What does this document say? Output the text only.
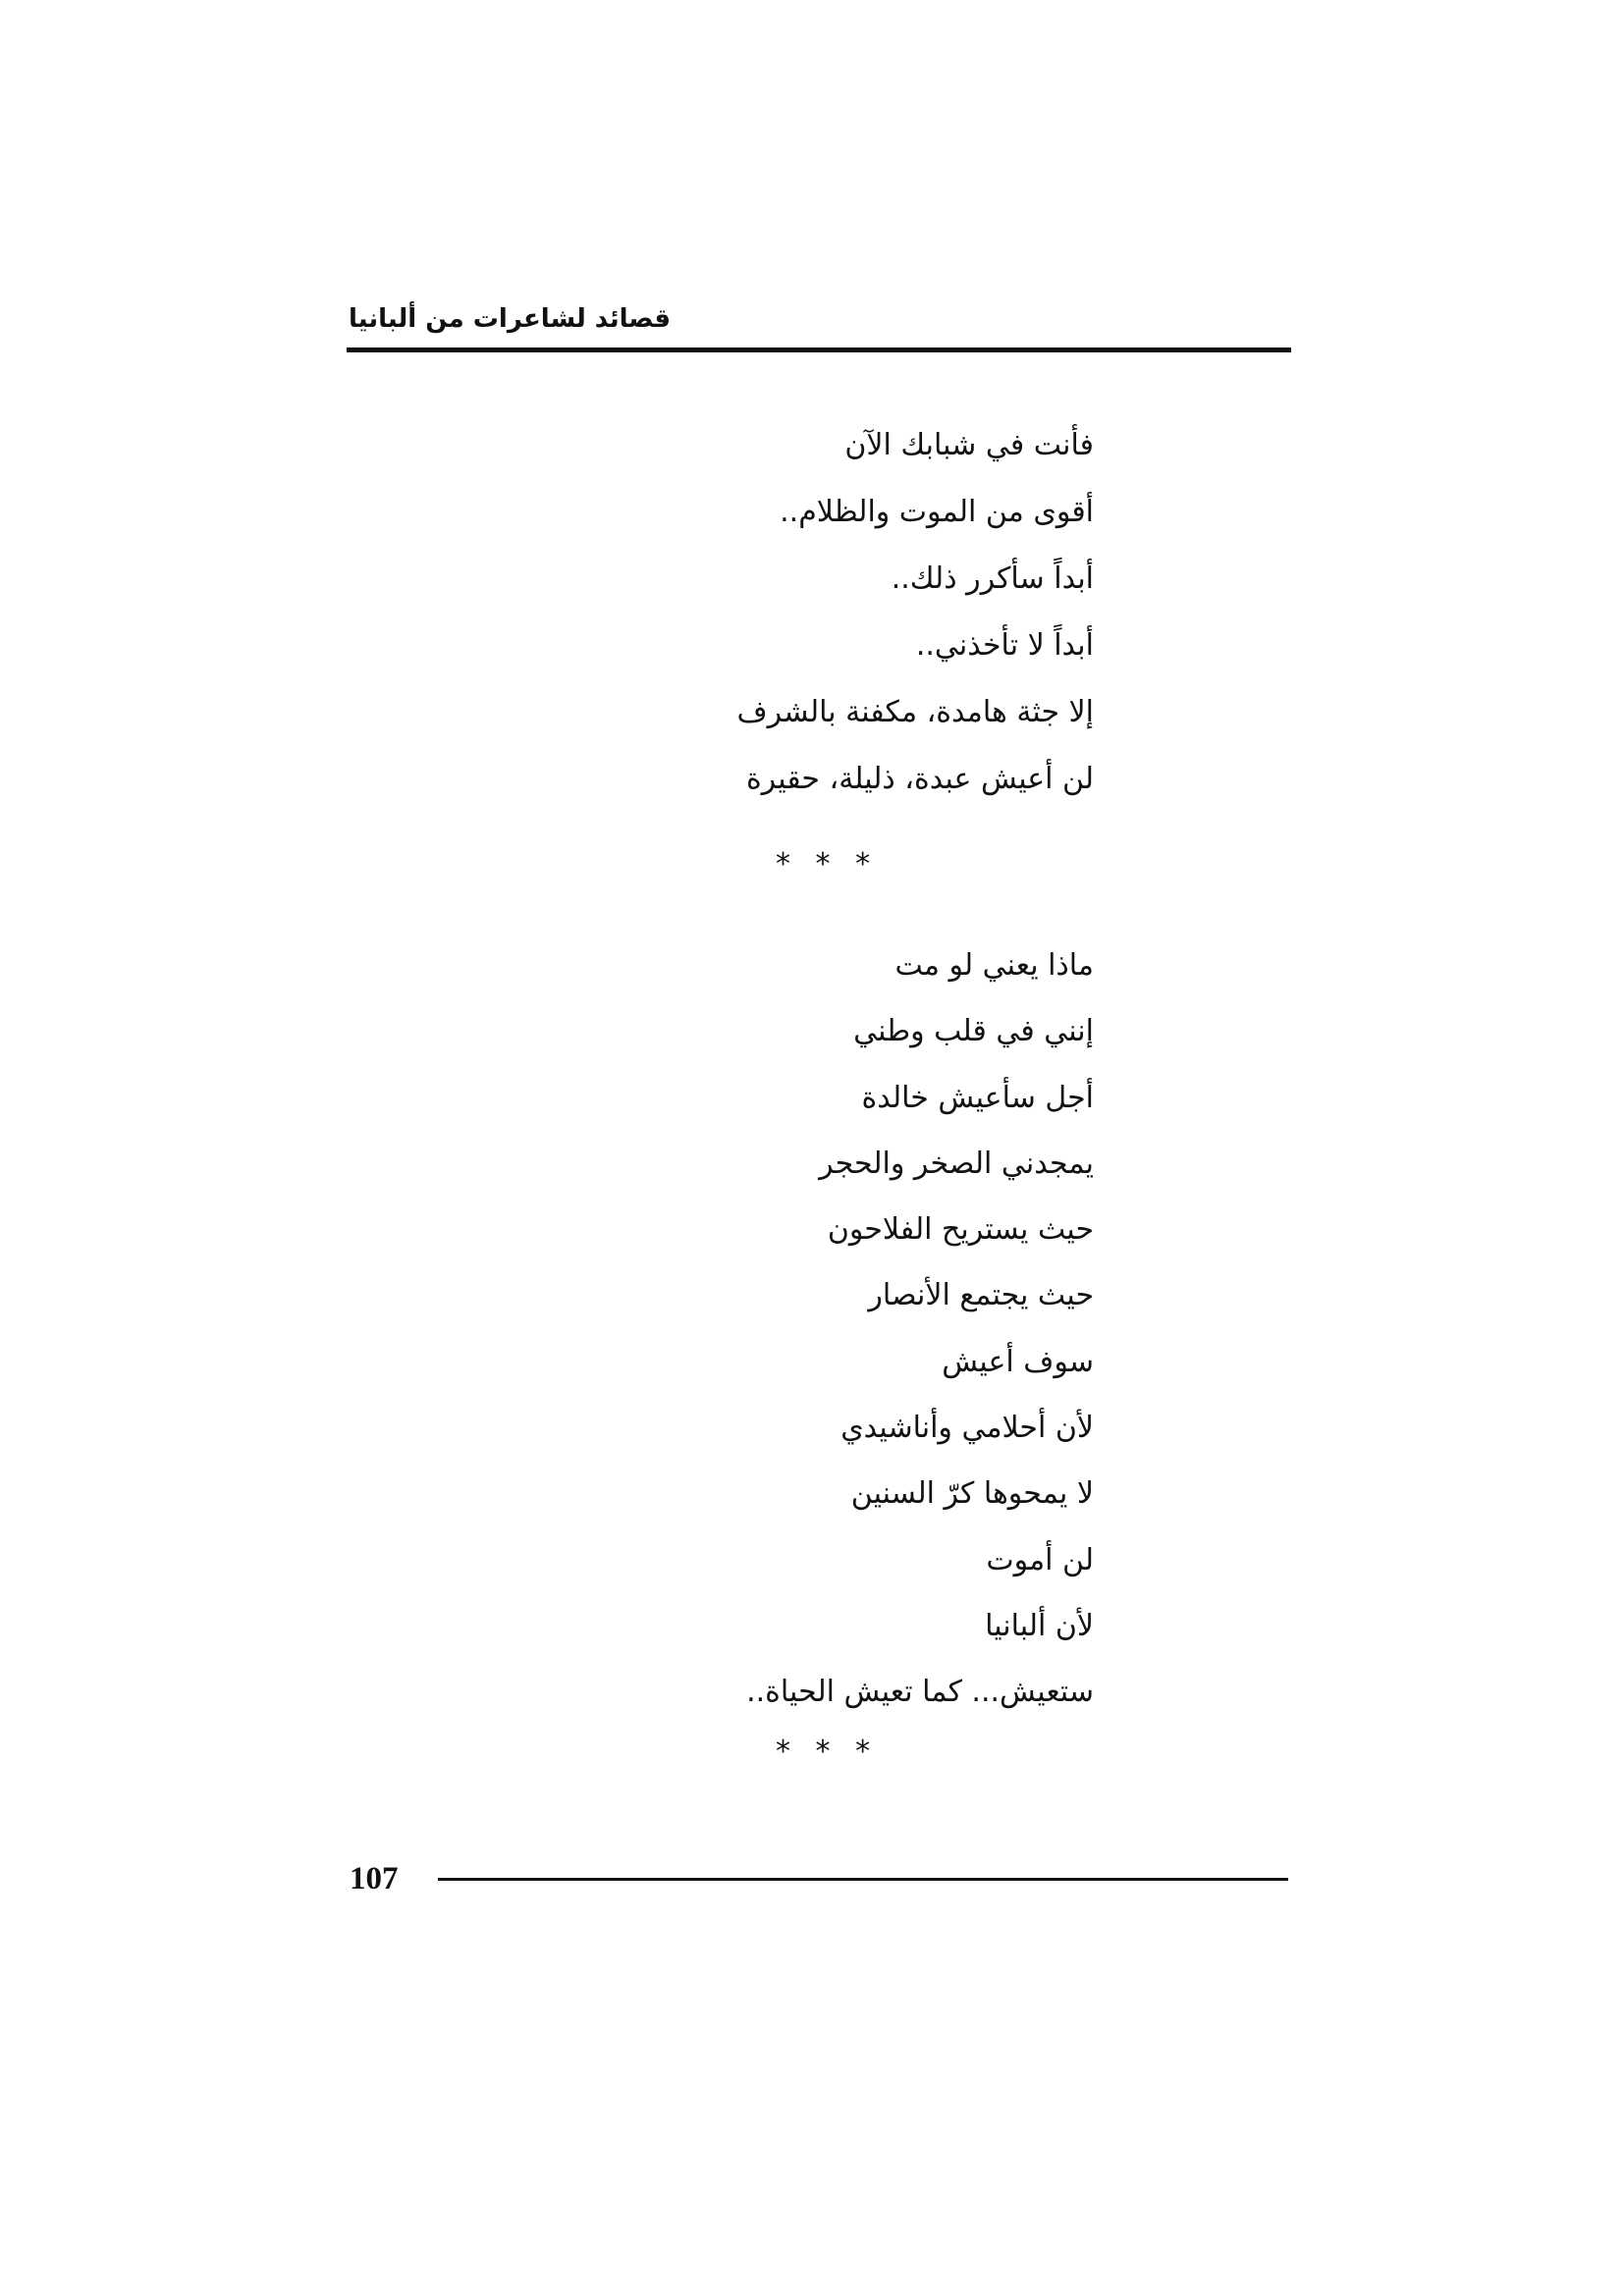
قصائد لشاعرات من ألبانيا
فأنت في شبابك الآن
أقوى من الموت والظلام..
أبداً سأكرر ذلك..
أبداً لا تأخذني..
إلا جثة هامدة، مكفنة بالشرف
لن أعيش عبدة، ذليلة، حقيرة
* * *
ماذا يعني لو مت
إنني في قلب وطني
أجل سأعيش خالدة
يمجدني الصخر والحجر
حيث يستريح الفلاحون
حيث يجتمع الأنصار
سوف أعيش
لأن أحلامي وأناشيدي
لا يمحوها كرّ السنين
لن أموت
لأن ألبانيا
ستعيش... كما تعيش الحياة..
* * *
107
